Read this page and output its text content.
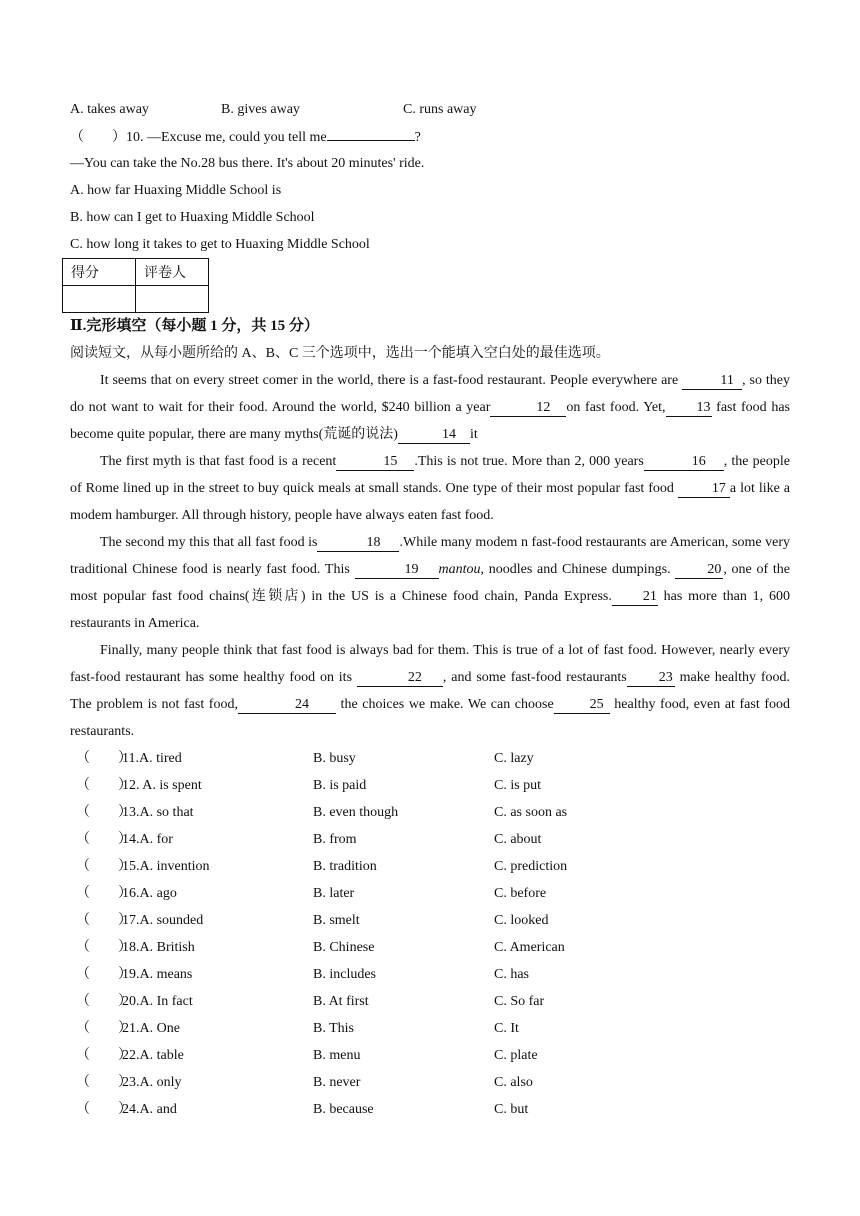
A. takes away	B. gives away	C. runs away
（　　）10. —Excuse me, could you tell me	?
—You can take the No.28 bus there. It's about 20 minutes' ride.
A. how far Huaxing Middle School is
B. how can I get to Huaxing Middle School
C. how long it takes to get to Huaxing Middle School
得分	评卷人

Ⅱ.完形填空（每小题 1 分，共 15 分）
阅读短文，从每小题所给的 A、B、C 三个选项中，选出一个能填入空白处的最佳选项。
It seems that on every street comer in the world, there is a fast-food restaurant. People everywhere are	11 , so they do not want to wait for their food. Around the world, $240 billion a year	12 on fast food. Yet, 13 fast food has become quite popular, there are many myths(荒诞的说法)	14 it
The first myth is that fast food is a recent	15 .This is not true. More than 2, 000 years	16 , the people of Rome lined up in the street to buy quick meals at small stands. One type of their most popular fast food 17 a lot like a modem hamburger. All through history, people have always eaten fast food.
The second my this that all fast food is	18 .While many modem n fast-food restaurants are American, some very traditional Chinese food is nearly fast food. This	19 mantou, noodles and Chinese dumpings. 20 , one of the most popular fast food chains(连锁店) in the US is a Chinese food chain, Panda Express. 21 has more than 1, 600 restaurants in America.
Finally, many people think that fast food is always bad for them. This is true of a lot of fast food. However, nearly every fast-food restaurant has some healthy food on its	22 , and some fast-food restaurants 23 make healthy food. The problem is not fast food,	24 the choices we make. We can choose	25 healthy food, even at fast food restaurants.
（　　）
11.A. tired	B. busy	C. lazy
（　　）
12. A. is spent	B. is paid	C. is put
（　　）
13.A. so that	B. even though	C. as soon as
（　　）
14.A. for	B. from	C. about
（　　）
15.A. invention	B. tradition	C. prediction
（　　）
16.A. ago	B. later	C. before
（　　）
17.A. sounded	B. smelt	C. looked
（　　）
18.A. British	B. Chinese	C. American
（　　）
19.A. means	B. includes	C. has
（　　）
20.A. In fact	B. At first	C. So far
（　　）
21.A. One	B. This	C. It
（　　）
22.A. table	B. menu	C. plate
（　　）
23.A. only	B. never	C. also
（　　）
24.A. and	B. because	C. but
